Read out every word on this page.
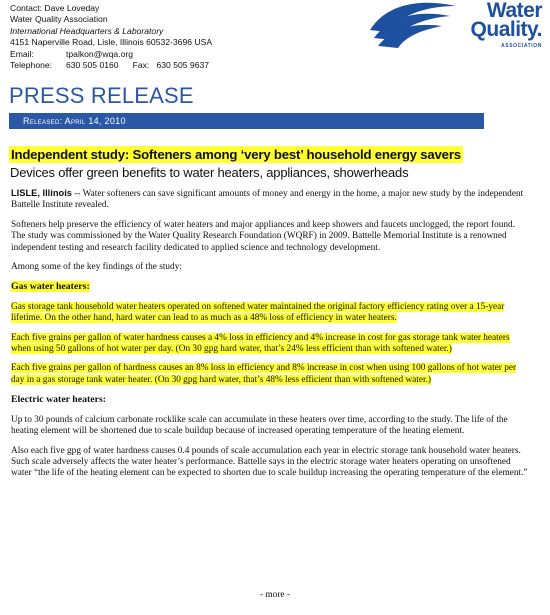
Contact: Dave Loveday
Water Quality Association
International Headquarters & Laboratory
4151 Naperville Road, Lisle, Illinois 60532-3696 USA
Email:	tpalkon@wqa.org
Telephone: 630 505 0160 Fax: 630 505 9637
Water
Quality.
ASSOCIATION
PRESS RELEASE
Released: April 14, 2010
Independent study: Softeners among ‘very best’ household energy savers
Devices offer green benefits to water heaters, appliances, showerheads

LISLE, Illinois -- Water softeners can save significant amounts of money and energy in the home, a major new study by the independent Battelle Institute revealed.

Softeners help preserve the efficiency of water heaters and major appliances and keep showers and faucets unclogged, the report found. The study was commissioned by the Water Quality Research Foundation (WQRF) in 2009. Battelle Memorial Institute is a renowned independent testing and research facility dedicated to applied science and technology development.

Among some of the key findings of the study:

Gas water heaters:

Gas storage tank household water heaters operated on softened water maintained the original factory efficiency rating over a 15-year lifetime. On the other hand, hard water can lead to as much as a 48% loss of efficiency in water heaters.

Each five grains per gallon of water hardness causes a 4% loss in efficiency and 4% increase in cost for gas storage tank water heaters when using 50 gallons of hot water per day. (On 30 gpg hard water, that’s 24% less efficient than with softened water.)

Each five grains per gallon of hardness causes an 8% loss in efficiency and 8% increase in cost when using 100 gallons of hot water per day in a gas storage tank water heater. (On 30 gpg hard water, that’s 48% less efficient than with softened water.)

Electric water heaters:

Up to 30 pounds of calcium carbonate rocklike scale can accumulate in these heaters over time, according to the study. The life of the heating element will be shortened due to scale buildup because of increased operating temperature of the heating element.

Also each five gpg of water hardness causes 0.4 pounds of scale accumulation each year in electric storage tank household water heaters. Such scale adversely affects the water heater’s performance. Battelle says in the electric storage water heaters operating on unsoftened water “the life of the heating element can be expected to shorten due to scale buildup increasing the operating temperature of the element.”

- more -
